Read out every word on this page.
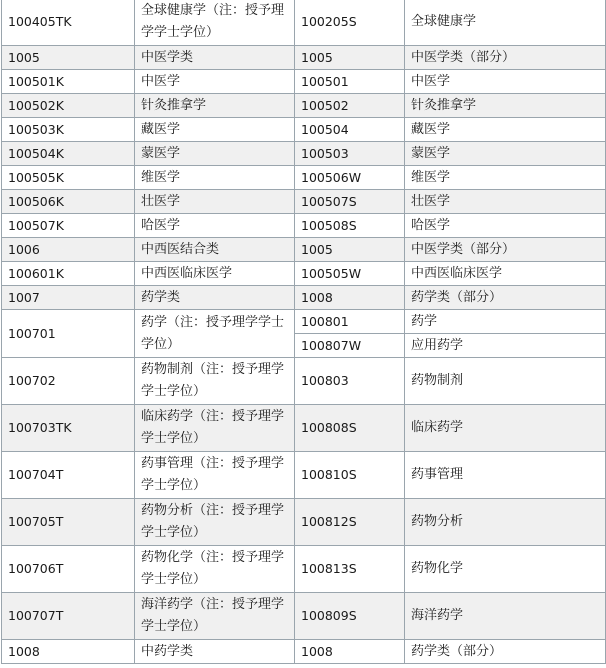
100405TK	全球健康学（注：授予理学学士学位）	100205S	全球健康学
1005	中医学类	1005	中医学类（部分）
100501K	中医学	100501	中医学
100502K	针灸推拿学	100502	针灸推拿学
100503K	藏医学	100504	藏医学
100504K	蒙医学	100503	蒙医学
100505K	维医学	100506W	维医学
100506K	壮医学	100507S	壮医学
100507K	哈医学	100508S	哈医学
1006	中西医结合类	1005	中医学类（部分）
100601K	中西医临床医学	100505W	中西医临床医学
1007	药学类	1008	药学类（部分）
100701	药学（注：授予理学学士学位）	100801	药学
		100807W	应用药学
100702	药物制剂（注：授予理学学士学位）	100803	药物制剂
100703TK	临床药学（注：授予理学学士学位）	100808S	临床药学
100704T	药事管理（注：授予理学学士学位）	100810S	药事管理
100705T	药物分析（注：授予理学学士学位）	100812S	药物分析
100706T	药物化学（注：授予理学学士学位）	100813S	药物化学
100707T	海洋药学（注：授予理学学士学位）	100809S	海洋药学
1008	中药学类	1008	药学类（部分）
